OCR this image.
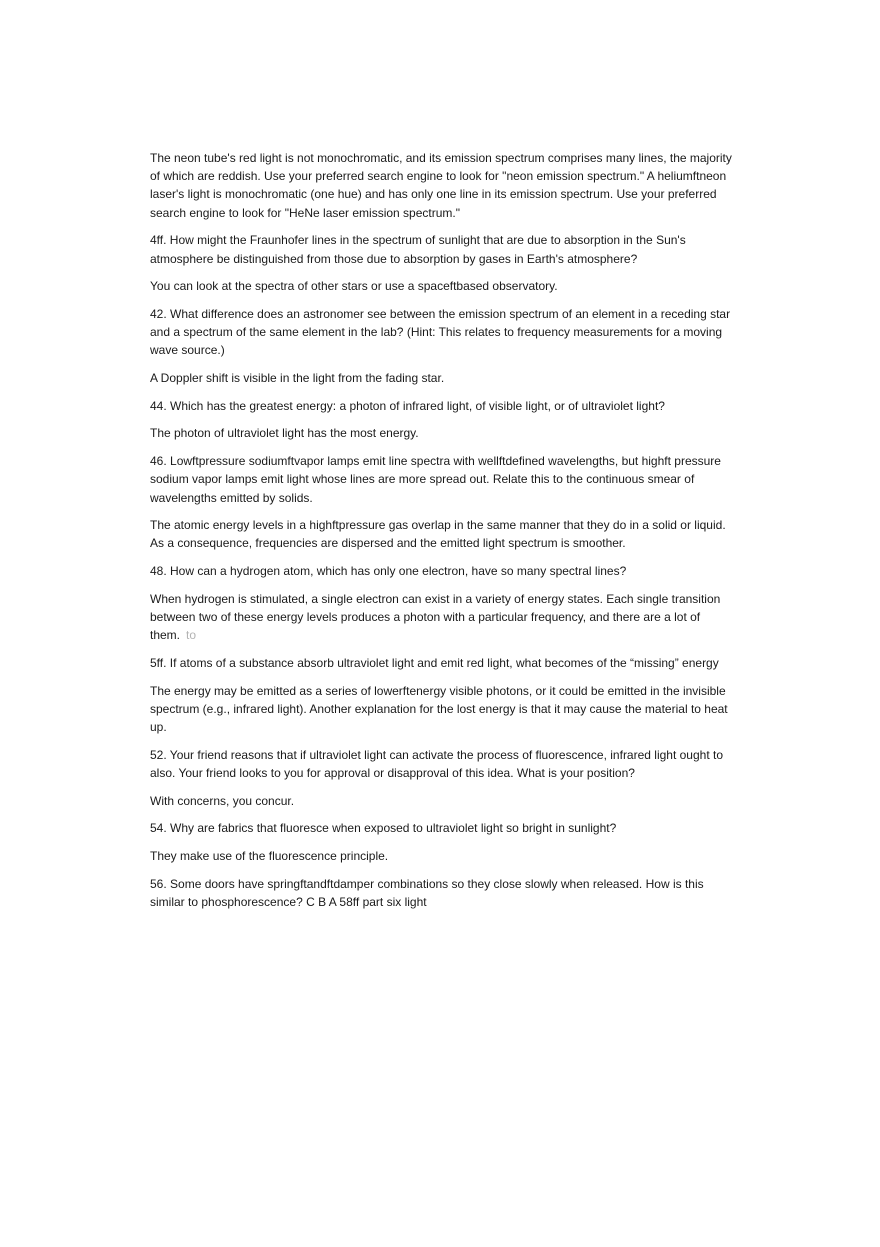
The neon tube's red light is not monochromatic, and its emission spectrum comprises many lines, the majority of which are reddish. Use your preferred search engine to look for "neon emission spectrum." A heliumftneon laser's light is monochromatic (one hue) and has only one line in its emission spectrum. Use your preferred search engine to look for "HeNe laser emission spectrum."

4ff. How might the Fraunhofer lines in the spectrum of sunlight that are due to absorption in the Sun's atmosphere be distinguished from those due to absorption by gases in Earth's atmosphere?

You can look at the spectra of other stars or use a spaceftbased observatory.

42. What difference does an astronomer see between the emission spectrum of an element in a receding star and a spectrum of the same element in the lab? (Hint: This relates to frequency measurements for a moving wave source.)

A Doppler shift is visible in the light from the fading star.

44. Which has the greatest energy: a photon of infrared light, of visible light, or of ultraviolet light?

The photon of ultraviolet light has the most energy.

46. Lowftpressure sodiumftvapor lamps emit line spectra with wellftdefined wavelengths, but highft pressure sodium vapor lamps emit light whose lines are more spread out. Relate this to the continuous smear of wavelengths emitted by solids.

The atomic energy levels in a highftpressure gas overlap in the same manner that they do in a solid or liquid. As a consequence, frequencies are dispersed and the emitted light spectrum is smoother.

48. How can a hydrogen atom, which has only one electron, have so many spectral lines?

When hydrogen is stimulated, a single electron can exist in a variety of energy states. Each single transition between two of these energy levels produces a photon with a particular frequency, and there are a lot of them. to

5ff. If atoms of a substance absorb ultraviolet light and emit red light, what becomes of the “missing” energy

The energy may be emitted as a series of lowerftenergy visible photons, or it could be emitted in the invisible spectrum (e.g., infrared light). Another explanation for the lost energy is that it may cause the material to heat up.

52. Your friend reasons that if ultraviolet light can activate the process of fluorescence, infrared light ought to also. Your friend looks to you for approval or disapproval of this idea. What is your position?

With concerns, you concur.

54. Why are fabrics that fluoresce when exposed to ultraviolet light so bright in sunlight?

They make use of the fluorescence principle.

56. Some doors have springftandftdamper combinations so they close slowly when released. How is this similar to phosphorescence? C B A 58ff part six light
